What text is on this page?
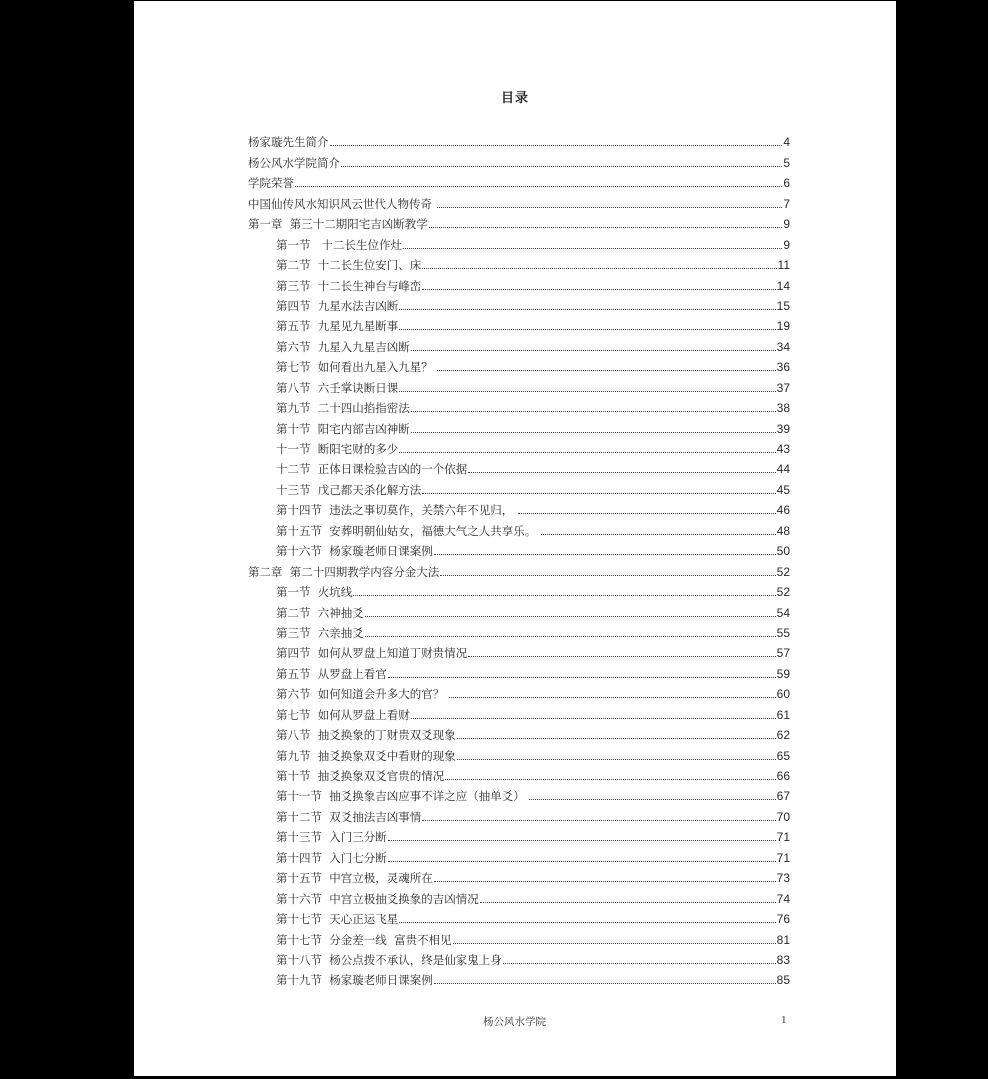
目录
杨家璇先生简介	4
杨公风水学院简介	5
学院荣誉	6
中国仙传风水知识风云世代人物传奇	7
第一章  第三十二期阳宅吉凶断教学	9
第一节   十二长生位作灶	9
第二节  十二长生位安门、床	11
第三节  十二长生神台与峰峦	14
第四节  九星水法吉凶断	15
第五节  九星见九星断事	19
第六节  九星入九星吉凶断	34
第七节  如何看出九星入九星？	36
第八节  六壬掌诀断日课	37
第九节  二十四山掐指密法	38
第十节  阳宅内部吉凶神断	39
十一节  断阳宅财的多少	43
十二节  正体日课检验吉凶的一个依据	44
十三节  戊己都天杀化解方法	45
第十四节  违法之事切莫作，关禁六年不见归，	46
第十五节  安葬明朝仙姑女，福德大气之人共享乐。	48
第十六节  杨家璇老师日课案例	50
第二章  第二十四期教学内容分金大法	52
第一节  火坑线	52
第二节  六神抽爻	54
第三节  六亲抽爻	55
第四节  如何从罗盘上知道丁财贵情况	57
第五节  从罗盘上看官	59
第六节  如何知道会升多大的官？	60
第七节  如何从罗盘上看财	61
第八节  抽爻换象的丁财贵双爻现象	62
第九节  抽爻换象双爻中看财的现象	65
第十节  抽爻换象双爻官贵的情况	66
第十一节  抽爻换象吉凶应事不详之应（抽单爻）	67
第十二节  双爻抽法吉凶事情	70
第十三节  入门三分断	71
第十四节  入门七分断	71
第十五节  中宫立极，灵魂所在	73
第十六节  中宫立极抽爻换象的吉凶情况	74
第十七节  天心正运飞星	76
第十七节  分金差一线  富贵不相见	81
第十八节  杨公点拨不承认，终是仙家鬼上身	83
第十九节  杨家璇老师日课案例	85
杨公风水学院	1
